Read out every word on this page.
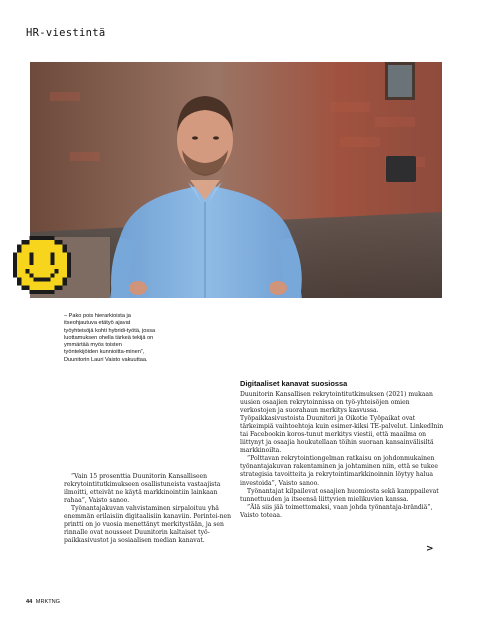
HR-viestintä
– Pako pois hierarkioista ja itseohjautuva etätyö ajavat työyhteisöjä kohti hybridi-työtä, jossa luottamuksen ohella tärkeä tekijä on ymmärtää myös toisten työntekijöiden kunnioitta-minen”, Duunitorin Lauri Vaisto vakuuttaa.
Digitaaliset kanavat suosiossa

Duunitorin Kansallisen rekrytointitutkimuksen (2021) mukaan uusien osaajien rekrytoinnissa on työ-yhteisöjen omien verkostojen ja suorahaun merkitys kasvussa. Työpaikkasivustoista Duunitori ja Oikotie Työpaikat ovat tärkeimpiä vaihtoehtoja kuin esimer-kiksi TE-palvelut. LinkedInin tai Facebookin koros-tunut merkitys viestii, että maailma on liittynyt ja osaajia houkutellaan töihin suoraan kansainvälisiltä markkinoilta.

”Polttavan rekrytointiongelman ratkaisu on johdonmukainen työnantajakuvan rakentaminen ja johtaminen niin, että se tukee strategisia tavoitteita ja rekrytointimarkkinoinnin löytyy halua investoida”, Vaisto sanoo.

Työnantajat kilpailevat osaajien huomiosta sekä kamppailevat tunnettuuden ja itseensä liittyvien mielikuvien kanssa.

”Älä siis jää toimettomaksi, vaan johda työnantaja-brändiä”, Vaisto toteaa.

”Vain 15 prosenttia Duunitorin Kansalliseen rekrytointitutkimukseen osallistuneista vastaajista ilmoitti, etteivät ne käytä markkinointiin lainkaan rahaa”, Vaisto sanoo.

Työnantajakuvan vahvistaminen sirpaloituu yhä enemmän erilaisiin digitaalisiin kanaviin. Perintei-nen printti on jo vuosia menettänyt merkitystään, ja sen rinnalle ovat nousseet Duunitorin kaltaiset työ-paikkasivustot ja sosiaalisen median kanavat.

>
44 MRKTNG
